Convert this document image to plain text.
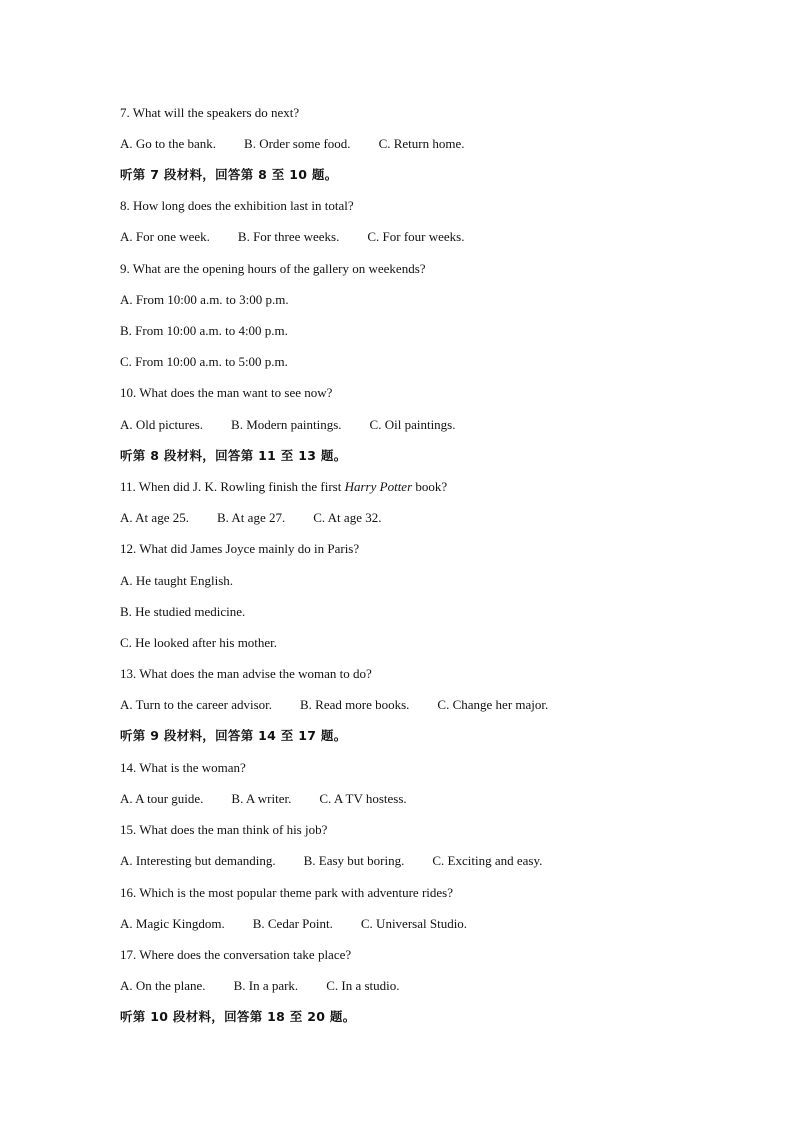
7. What will the speakers do next?
A. Go to the bank. B. Order some food. C. Return home.
听第 7 段材料，回答第 8 至 10 题。
8. How long does the exhibition last in total?
A. For one week. B. For three weeks. C. For four weeks.
9. What are the opening hours of the gallery on weekends?
A. From 10:00 a.m. to 3:00 p.m.
B. From 10:00 a.m. to 4:00 p.m.
C. From 10:00 a.m. to 5:00 p.m.
10. What does the man want to see now?
A. Old pictures. B. Modern paintings. C. Oil paintings.
听第 8 段材料，回答第 11 至 13 题。
11. When did J. K. Rowling finish the first Harry Potter book?
A. At age 25. B. At age 27. C. At age 32.
12. What did James Joyce mainly do in Paris?
A. He taught English.
B. He studied medicine.
C. He looked after his mother.
13. What does the man advise the woman to do?
A. Turn to the career advisor. B. Read more books. C. Change her major.
听第 9 段材料，回答第 14 至 17 题。
14. What is the woman?
A. A tour guide. B. A writer. C. A TV hostess.
15. What does the man think of his job?
A. Interesting but demanding. B. Easy but boring. C. Exciting and easy.
16. Which is the most popular theme park with adventure rides?
A. Magic Kingdom. B. Cedar Point. C. Universal Studio.
17. Where does the conversation take place?
A. On the plane. B. In a park. C. In a studio.
听第 10 段材料，回答第 18 至 20 题。
